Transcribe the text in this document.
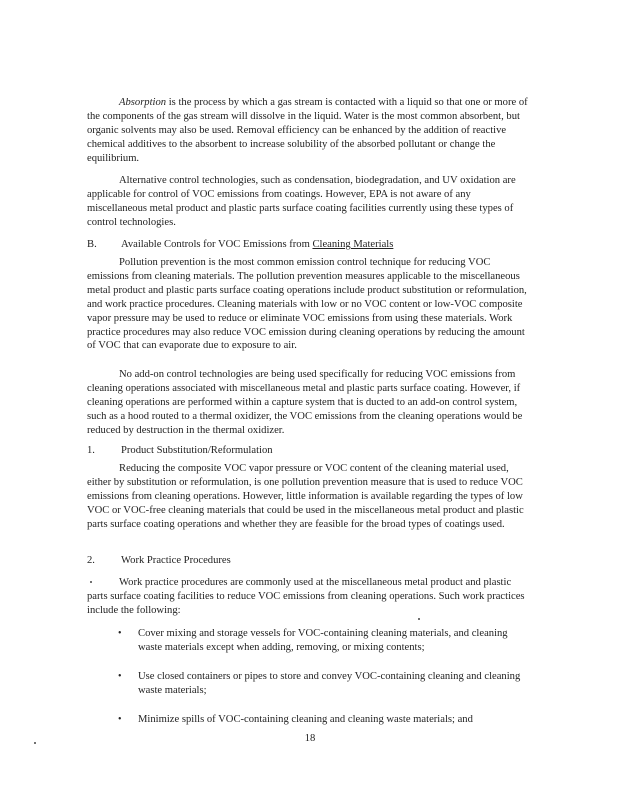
Absorption is the process by which a gas stream is contacted with a liquid so that one or more of the components of the gas stream will dissolve in the liquid. Water is the most common absorbent, but organic solvents may also be used. Removal efficiency can be enhanced by the addition of reactive chemical additives to the absorbent to increase solubility of the absorbed pollutant or change the equilibrium.

Alternative control technologies, such as condensation, biodegradation, and UV oxidation are applicable for control of VOC emissions from coatings. However, EPA is not aware of any miscellaneous metal product and plastic parts surface coating facilities currently using these types of control technologies.

B. Available Controls for VOC Emissions from Cleaning Materials

Pollution prevention is the most common emission control technique for reducing VOC emissions from cleaning materials. The pollution prevention measures applicable to the miscellaneous metal product and plastic parts surface coating operations include product substitution or reformulation, and work practice procedures. Cleaning materials with low or no VOC content or low-VOC composite vapor pressure may be used to reduce or eliminate VOC emissions from using these materials. Work practice procedures may also reduce VOC emission during cleaning operations by reducing the amount of VOC that can evaporate due to exposure to air.

No add-on control technologies are being used specifically for reducing VOC emissions from cleaning operations associated with miscellaneous metal and plastic parts surface coating. However, if cleaning operations are performed within a capture system that is ducted to an add-on control system, such as a hood routed to a thermal oxidizer, the VOC emissions from the cleaning operations would be reduced by destruction in the thermal oxidizer.

1. Product Substitution/Reformulation

Reducing the composite VOC vapor pressure or VOC content of the cleaning material used, either by substitution or reformulation, is one pollution prevention measure that is used to reduce VOC emissions from cleaning operations. However, little information is available regarding the types of low VOC or VOC-free cleaning materials that could be used in the miscellaneous metal product and plastic parts surface coating operations and whether they are feasible for the broad types of coatings used.

2. Work Practice Procedures

Work practice procedures are commonly used at the miscellaneous metal product and plastic parts surface coating facilities to reduce VOC emissions from cleaning operations. Such work practices include the following:

• Cover mixing and storage vessels for VOC-containing cleaning materials, and cleaning waste materials except when adding, removing, or mixing contents;
• Use closed containers or pipes to store and convey VOC-containing cleaning and cleaning waste materials;
• Minimize spills of VOC-containing cleaning and cleaning waste materials; and
18
